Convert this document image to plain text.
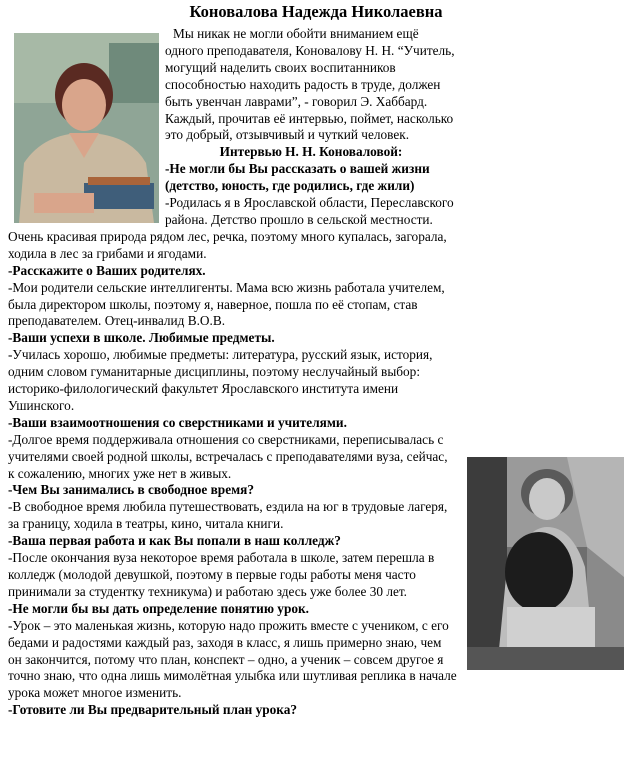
Коновалова Надежда Николаевна

Мы никак не могли обойти вниманием ещё одного преподавателя, Коновалову Н. Н. “Учитель, могущий наделить своих воспитанников способностью находить радость в труде, должен быть увенчан лаврами”, - говорил Э. Хаббард. Каждый, прочитав её интервью, поймет, насколько это добрый, отзывчивый и чуткий человек.

Интервью Н. Н. Коноваловой:

-Не могли бы Вы рассказать о вашей жизни (детство, юность, где родились, где жили)

-Родилась я в Ярославской области, Переславского района. Детство прошло в сельской местности. Очень красивая природа рядом лес, речка, поэтому много купалась, загорала, ходила в лес за грибами и ягодами.

-Расскажите о Ваших родителях.

-Мои родители сельские интеллигенты. Мама всю жизнь работала учителем, была директором школы, поэтому я, наверное, пошла по её стопам, став преподавателем. Отец-инвалид В.О.В.

-Ваши успехи в школе. Любимые предметы.

-Училась хорошо, любимые предметы: литература, русский язык, история, одним словом гуманитарные дисциплины, поэтому неслучайный выбор: историко-филологический факультет Ярославского института имени Ушинского.

-Ваши взаимоотношения со сверстниками и учителями.

-Долгое время поддерживала отношения со сверстниками, переписывалась с учителями своей родной школы, встречалась с преподавателями вуза, сейчас, к сожалению, многих уже нет в живых.

-Чем Вы занимались в свободное время?

-В свободное время любила путешествовать, ездила на юг в трудовые лагеря, за границу, ходила в театры, кино, читала книги.

-Ваша первая работа и как Вы попали в наш колледж?

-После окончания вуза некоторое время работала в школе, затем перешла в колледж (молодой девушкой, поэтому в первые годы работы меня часто принимали за студентку техникума) и работаю здесь уже более 30 лет.

-Не могли бы вы дать определение понятию урок.

-Урок – это маленькая жизнь, которую надо прожить вместе с учеником, с его бедами и радостями каждый раз, заходя в класс, я лишь примерно знаю, чем он закончится, потому что план, конспект – одно, а ученик – совсем другое я точно знаю, что одна лишь мимолётная улыбка или шутливая реплика в начале урока может многое изменить.

-Готовите ли Вы предварительный план урока?
